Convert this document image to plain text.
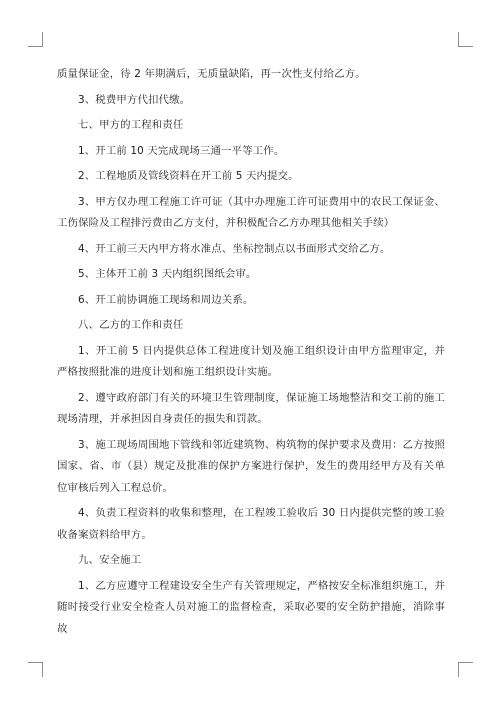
质量保证金，待 2 年期满后，无质量缺陷，再一次性支付给乙方。

3、税费甲方代扣代缴。

七、甲方的工程和责任

1、开工前 10 天完成现场三通一平等工作。

2、工程地质及管线资料在开工前 5 天内提交。

3、甲方仅办理工程施工许可证（其中办理施工许可证费用中的农民工保证金、工伤保险及工程排污费由乙方支付，并积极配合乙方办理其他相关手续）

4、开工前三天内甲方将水准点、坐标控制点以书面形式交给乙方。

5、主体开工前 3 天内组织图纸会审。

6、开工前协调施工现场和周边关系。

八、乙方的工作和责任

1、开工前 5 日内提供总体工程进度计划及施工组织设计由甲方监理审定，并严格按照批准的进度计划和施工组织设计实施。

2、遵守政府部门有关的环境卫生管理制度，保证施工场地整洁和交工前的施工现场清理，并承担因自身责任的损失和罚款。

3、施工现场周围地下管线和邻近建筑物、构筑物的保护要求及费用：乙方按照国家、省、市（县）规定及批准的保护方案进行保护，发生的费用经甲方及有关单位审核后列入工程总价。

4、负责工程资料的收集和整理，在工程竣工验收后 30 日内提供完整的竣工验收备案资料给甲方。

九、安全施工

1、乙方应遵守工程建设安全生产有关管理规定，严格按安全标准组织施工，并随时接受行业安全检查人员对施工的监督检查，采取必要的安全防护措施，消除事故
